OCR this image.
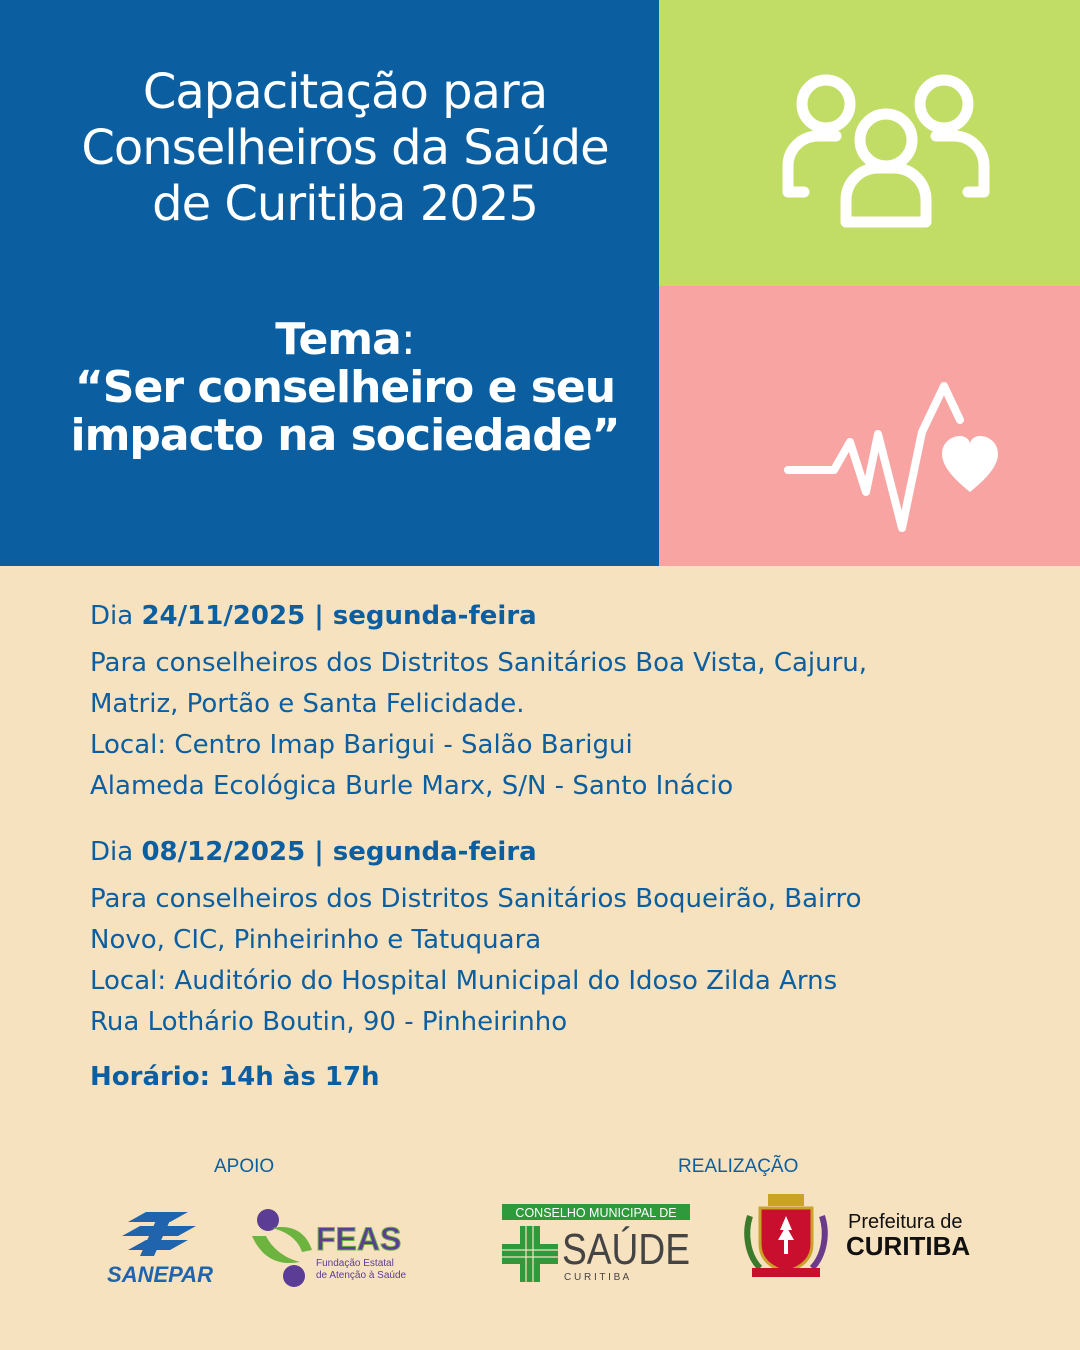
Capacitação para
Conselheiros da Saúde
de Curitiba 2025
Tema:
“Ser conselheiro e seu
impacto na sociedade”

Dia 24/11/2025 | segunda-feira

Para conselheiros dos Distritos Sanitários Boa Vista, Cajuru,

Matriz, Portão e Santa Felicidade.

Local: Centro Imap Barigui - Salão Barigui

Alameda Ecológica Burle Marx, S/N - Santo Inácio

Dia 08/12/2025 | segunda-feira

Para conselheiros dos Distritos Sanitários Boqueirão, Bairro

Novo, CIC, Pinheirinho e Tatuquara

Local: Auditório do Hospital Municipal do Idoso Zilda Arns

Rua Lothário Boutin, 90 - Pinheirinho

Horário: 14h às 17h
APOIO	REALIZAÇÃO
SANEPAR
FEAS
Fundação Estatal
de Atenção à Saúde
CONSELHO MUNICIPAL DE
SAÚDE
C U R I T I B A
Prefeitura de
CURITIBA
